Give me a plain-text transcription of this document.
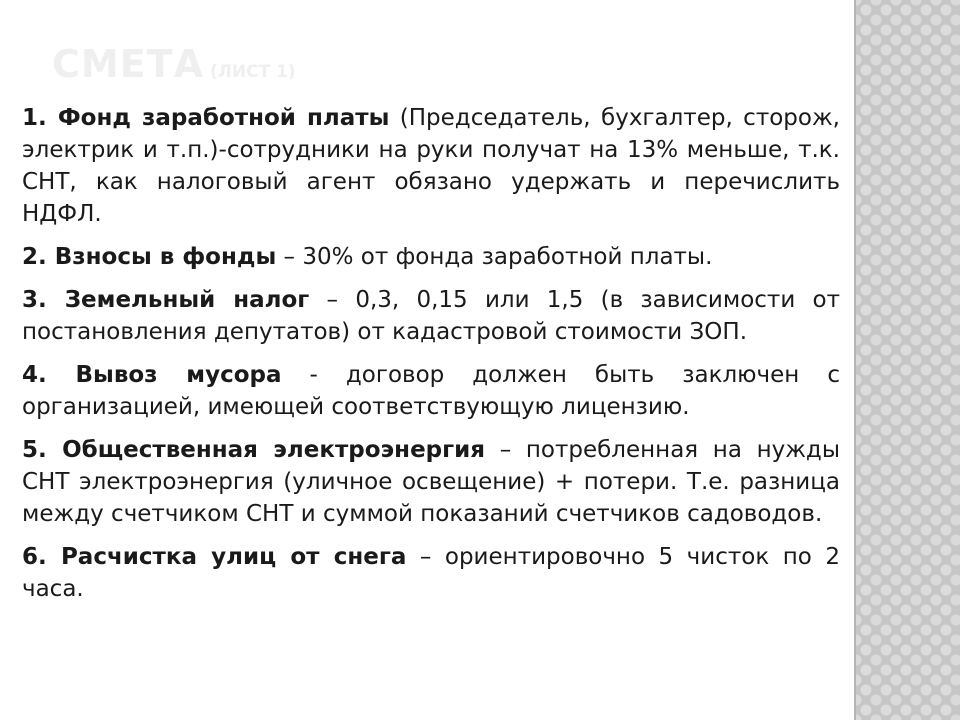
СМЕТА (ЛИСТ 1)
1. Фонд заработной платы (Председатель, бухгалтер, сторож, электрик и т.п.)-сотрудники на руки получат на 13% меньше, т.к. СНТ, как налоговый агент обязано удержать и перечислить НДФЛ.
2. Взносы в фонды – 30% от фонда заработной платы.
3. Земельный налог – 0,3, 0,15 или 1,5 (в зависимости от постановления депутатов) от кадастровой стоимости ЗОП.
4. Вывоз мусора - договор должен быть заключен с организацией, имеющей соответствующую лицензию.
5. Общественная электроэнергия – потребленная на нужды СНТ электроэнергия (уличное освещение) + потери. Т.е. разница между счетчиком СНТ и суммой показаний счетчиков садоводов.
6. Расчистка улиц от снега – ориентировочно 5 чисток по 2 часа.
